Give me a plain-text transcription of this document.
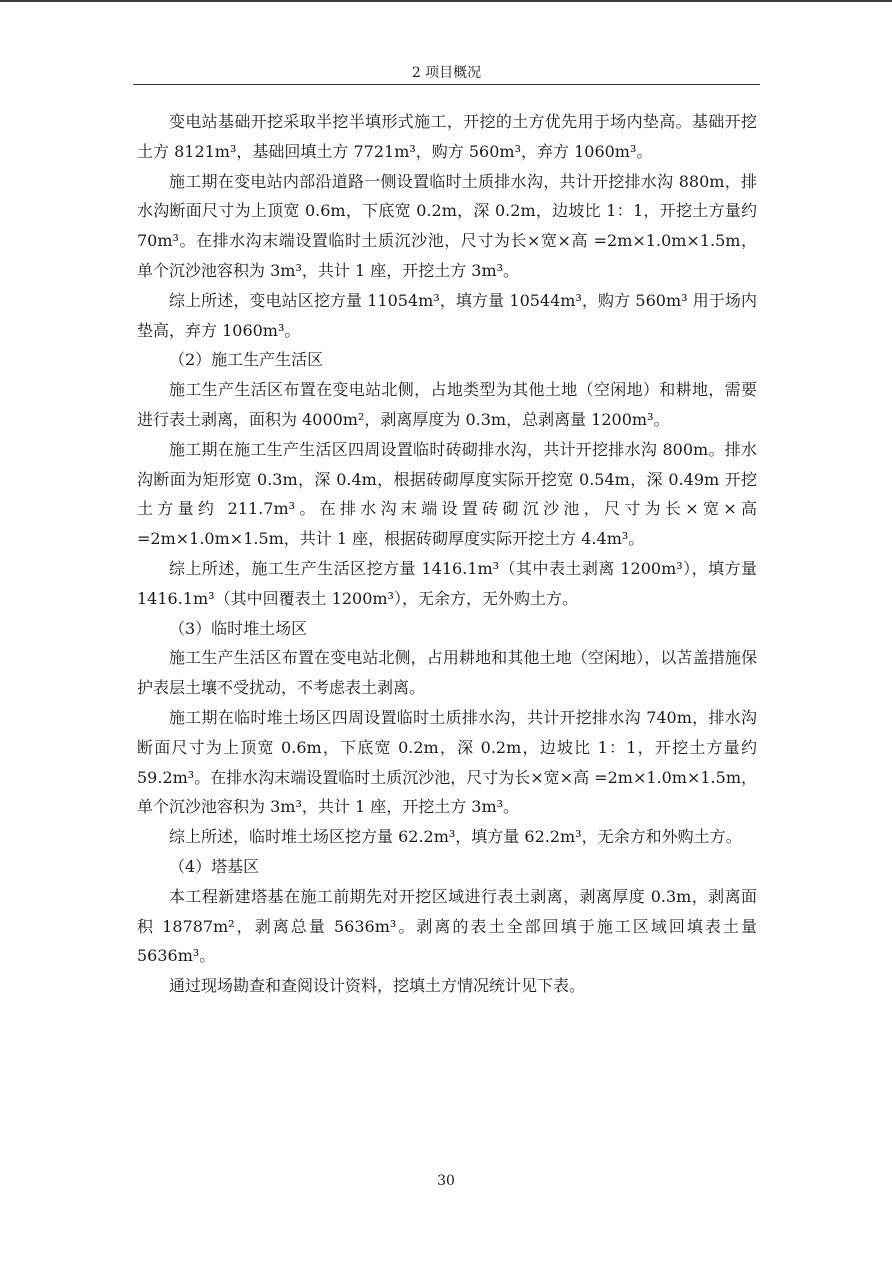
2 项目概况

变电站基础开挖采取半挖半填形式施工，开挖的土方优先用于场内垫高。基础开挖土方 8121m³，基础回填土方 7721m³，购方 560m³，弃方 1060m³。

施工期在变电站内部沿道路一侧设置临时土质排水沟，共计开挖排水沟 880m，排水沟断面尺寸为上顶宽 0.6m，下底宽 0.2m，深 0.2m，边坡比 1：1，开挖土方量约 70m³。在排水沟末端设置临时土质沉沙池，尺寸为长×宽×高 =2m×1.0m×1.5m，单个沉沙池容积为 3m³，共计 1 座，开挖土方 3m³。

综上所述，变电站区挖方量 11054m³，填方量 10544m³，购方 560m³ 用于场内垫高，弃方 1060m³。

（2）施工生产生活区

施工生产生活区布置在变电站北侧，占地类型为其他土地（空闲地）和耕地，需要进行表土剥离，面积为 4000m²，剥离厚度为 0.3m，总剥离量 1200m³。

施工期在施工生产生活区四周设置临时砖砌排水沟，共计开挖排水沟 800m。排水沟断面为矩形宽 0.3m，深 0.4m，根据砖砌厚度实际开挖宽 0.54m，深 0.49m 开挖土方量约 211.7m³。在排水沟末端设置砖砌沉沙池，尺寸为长×宽×高 =2m×1.0m×1.5m，共计 1 座，根据砖砌厚度实际开挖土方 4.4m³。

综上所述，施工生产生活区挖方量 1416.1m³（其中表土剥离 1200m³），填方量 1416.1m³（其中回覆表土 1200m³），无余方，无外购土方。

（3）临时堆土场区

施工生产生活区布置在变电站北侧，占用耕地和其他土地（空闲地），以苫盖措施保护表层土壤不受扰动，不考虑表土剥离。

施工期在临时堆土场区四周设置临时土质排水沟，共计开挖排水沟 740m，排水沟断面尺寸为上顶宽 0.6m，下底宽 0.2m，深 0.2m，边坡比 1：1，开挖土方量约 59.2m³。在排水沟末端设置临时土质沉沙池，尺寸为长×宽×高 =2m×1.0m×1.5m，单个沉沙池容积为 3m³，共计 1 座，开挖土方 3m³。

综上所述，临时堆土场区挖方量 62.2m³，填方量 62.2m³，无余方和外购土方。

（4）塔基区

本工程新建塔基在施工前期先对开挖区域进行表土剥离，剥离厚度 0.3m，剥离面积 18787m²，剥离总量 5636m³。剥离的表土全部回填于施工区域回填表土量 5636m³。

通过现场勘查和查阅设计资料，挖填土方情况统计见下表。

30
